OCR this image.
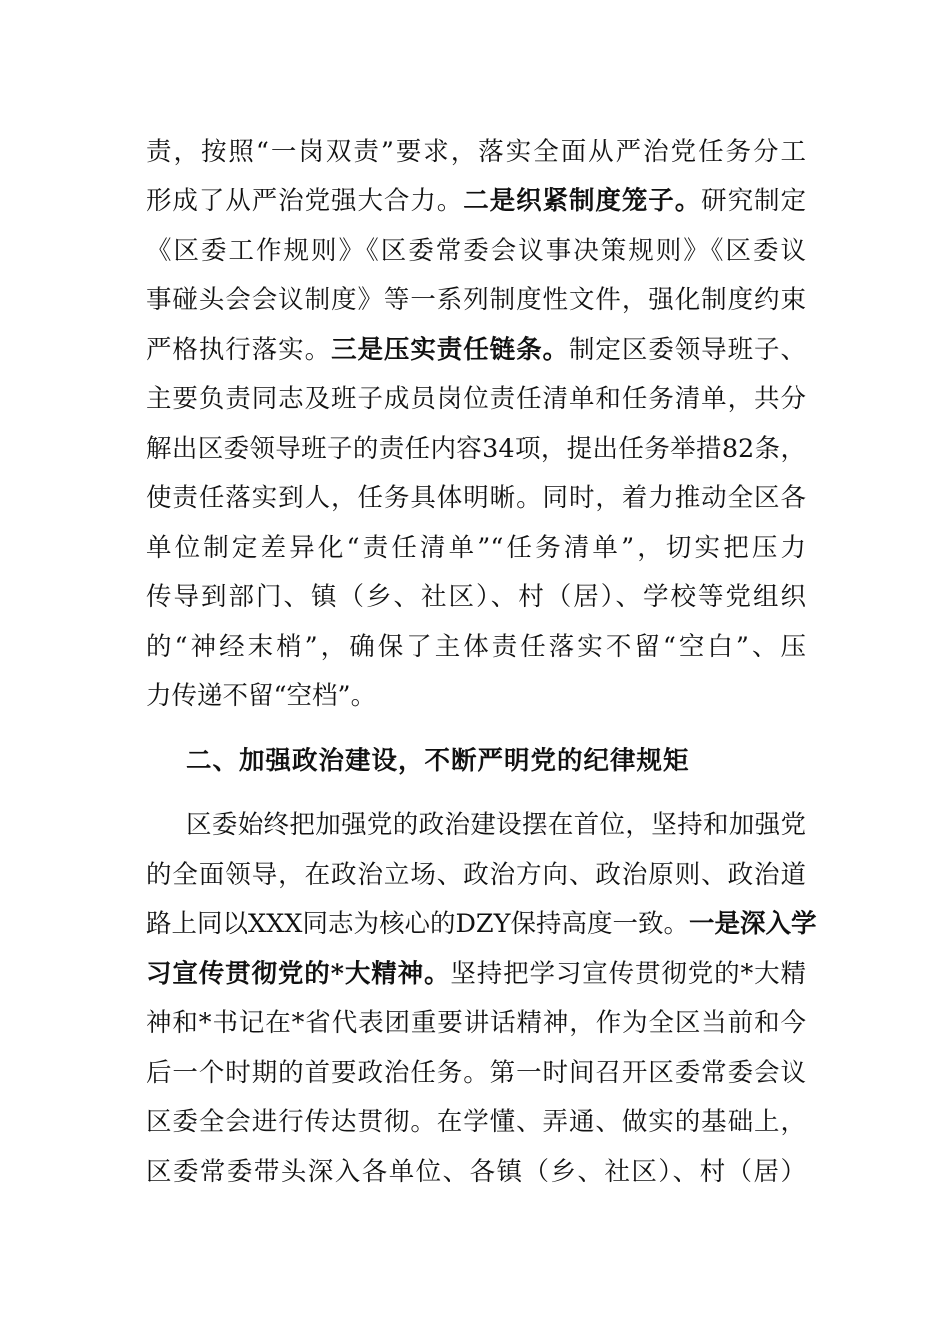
责，按照“一岗双责”要求，落实全面从严治党任务分工
形成了从严治党强大合力。二是织紧制度笼子。研究制定
《区委工作规则》《区委常委会议事决策规则》《区委议
事碰头会会议制度》等一系列制度性文件，强化制度约束
严格执行落实。三是压实责任链条。制定区委领导班子、
主要负责同志及班子成员岗位责任清单和任务清单，共分
解出区委领导班子的责任内容34项，提出任务举措82条，
使责任落实到人，任务具体明晰。同时，着力推动全区各
单位制定差异化“责任清单”“任务清单”，切实把压力
传导到部门、镇（乡、社区）、村（居）、学校等党组织
的“神经末梢”，确保了主体责任落实不留“空白”、压
力传递不留“空档”。
二、加强政治建设，不断严明党的纪律规矩
区委始终把加强党的政治建设摆在首位，坚持和加强党
的全面领导，在政治立场、政治方向、政治原则、政治道
路上同以XXX同志为核心的DZY保持高度一致。一是深入学
习宣传贯彻党的*大精神。坚持把学习宣传贯彻党的*大精
神和*书记在*省代表团重要讲话精神，作为全区当前和今
后一个时期的首要政治任务。第一时间召开区委常委会议
区委全会进行传达贯彻。在学懂、弄通、做实的基础上，
区委常委带头深入各单位、各镇（乡、社区）、村（居）
